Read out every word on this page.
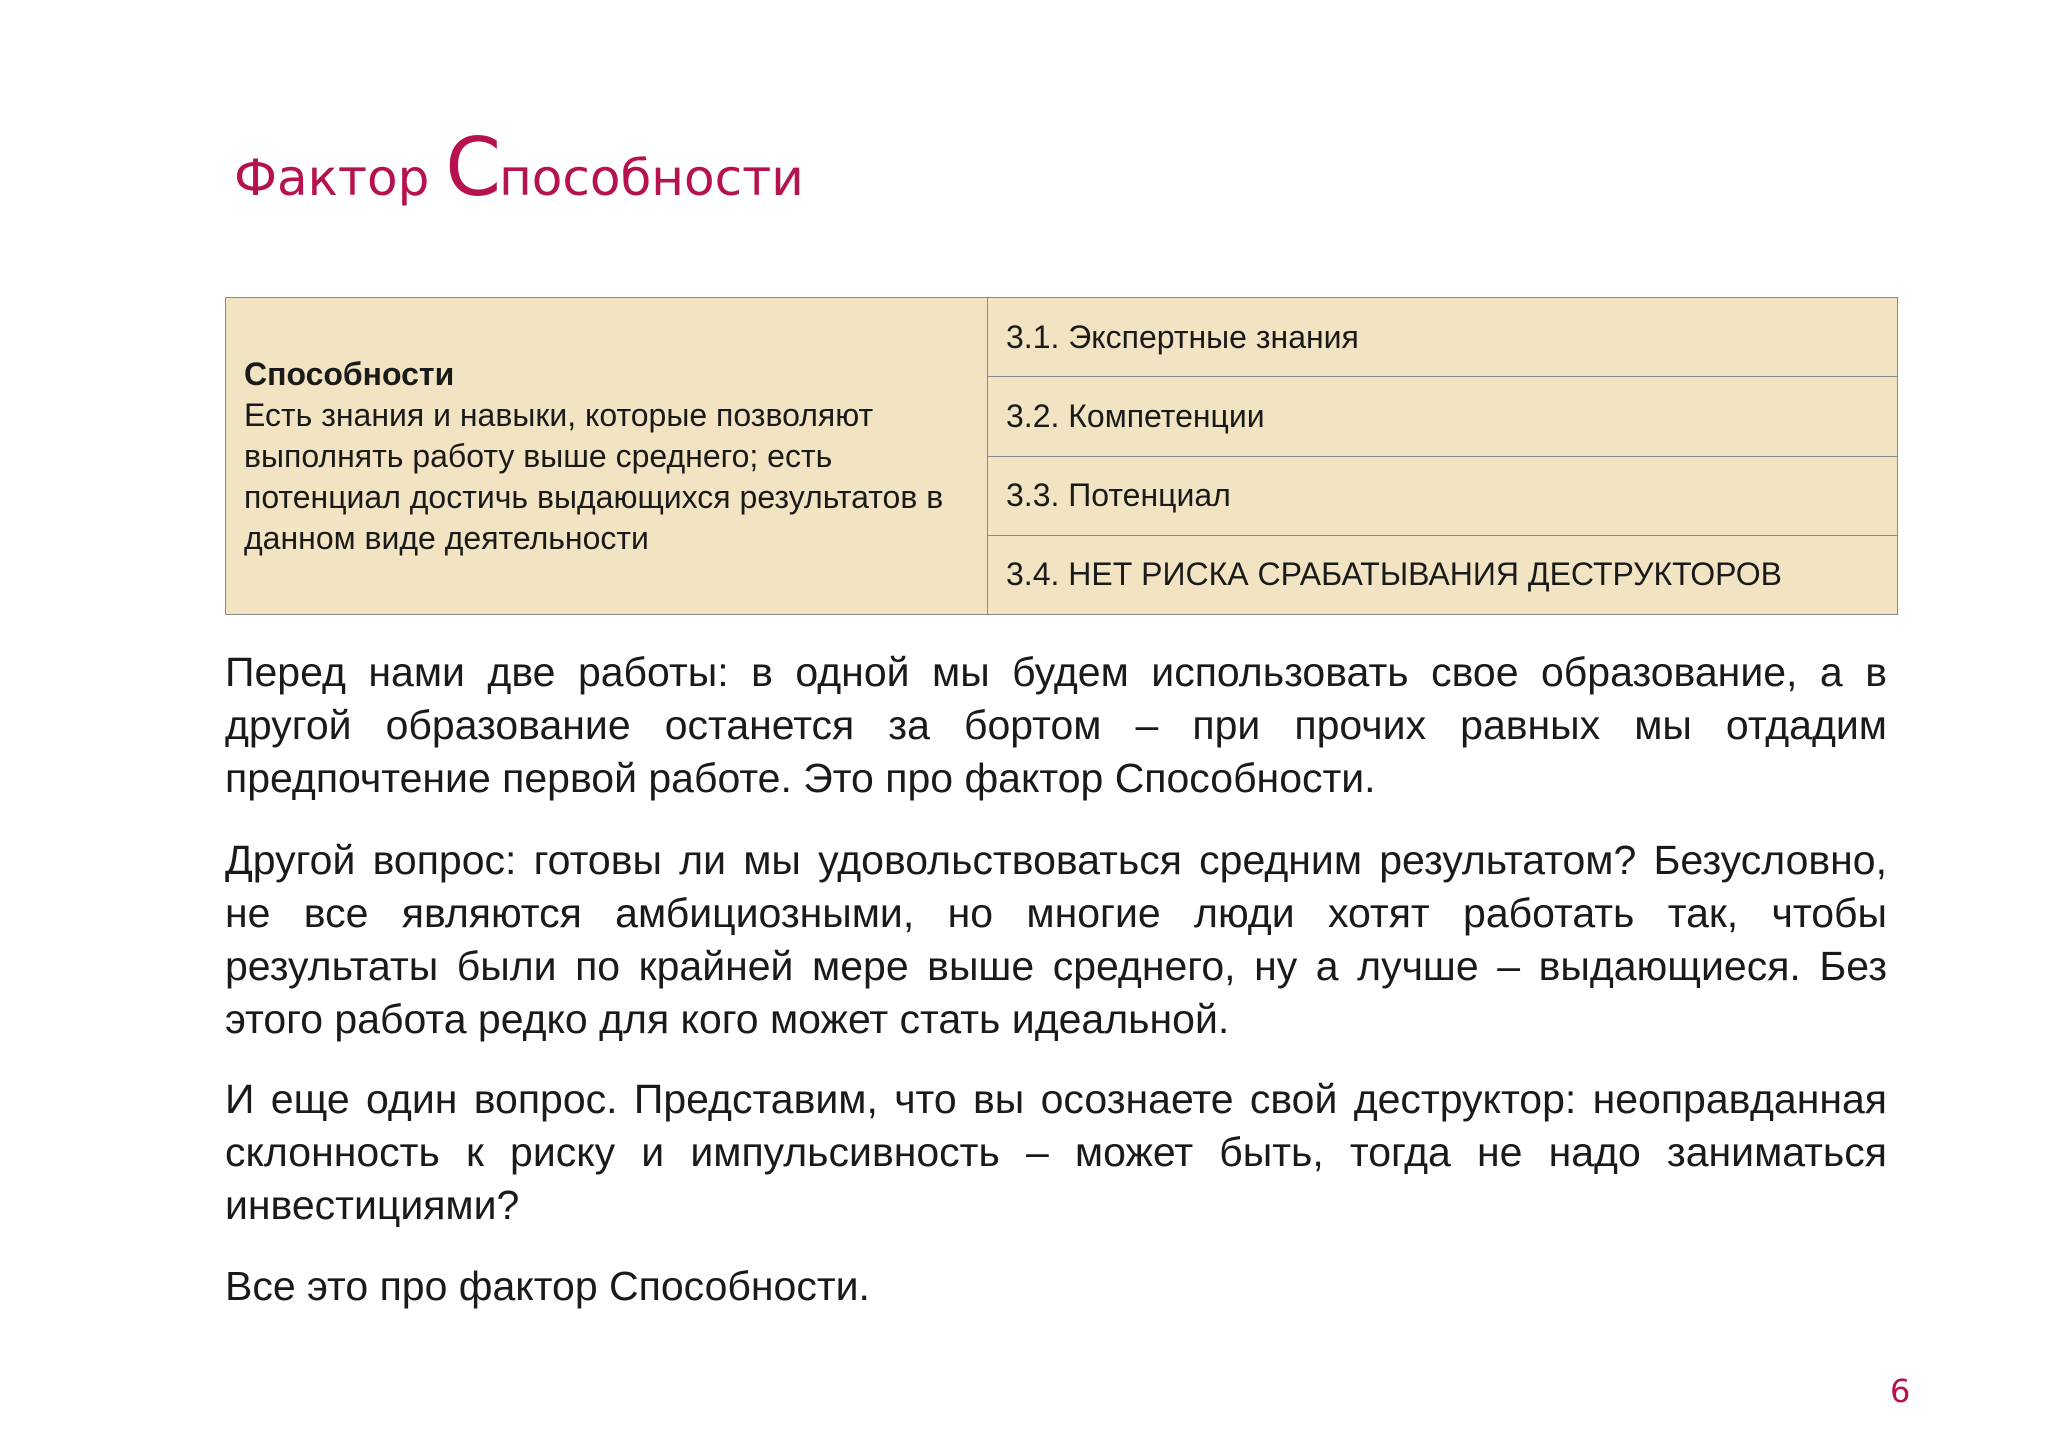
Фактор Способности
Способности
Есть знания и навыки, которые позволяют выполнять работу выше среднего; есть потенциал достичь выдающихся результатов в данном виде деятельности
	3.1. Экспертные знания
3.2. Компетенции
3.3. Потенциал
3.4. НЕТ РИСКА СРАБАТЫВАНИЯ ДЕСТРУКТОРОВ

Перед нами две работы: в одной мы будем использовать свое образование, а в другой образование останется за бортом – при прочих равных мы отдадим предпочтение первой работе. Это про фактор Способности.

Другой вопрос: готовы ли мы удовольствоваться средним результатом? Безусловно, не все являются амбициозными, но многие люди хотят работать так, чтобы результаты были по крайней мере выше среднего, ну а лучше – выдающиеся. Без этого работа редко для кого может стать идеальной.

И еще один вопрос. Представим, что вы осознаете свой деструктор: неоправданная склонность к риску и импульсивность – может быть, тогда не надо заниматься инвестициями?

Все это про фактор Способности.

6
